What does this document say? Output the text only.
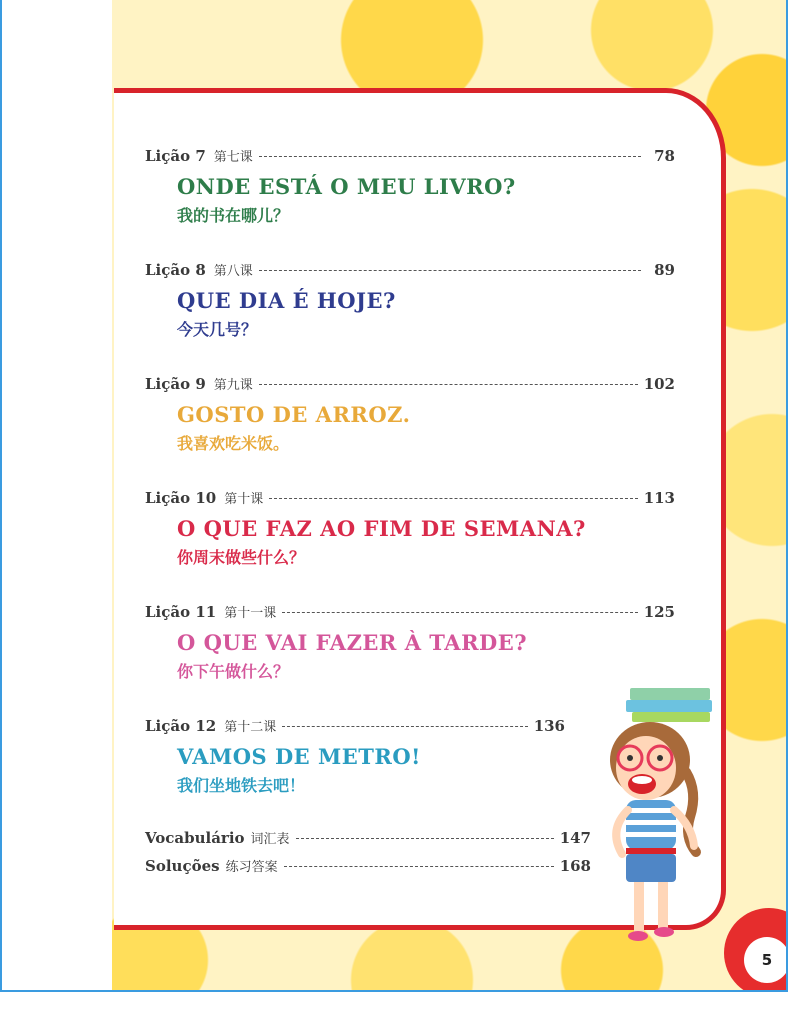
5
Lição 7 第七课	78
ONDE ESTÁ O MEU LIVRO?
我的书在哪儿？
Lição 8 第八课	89
QUE DIA É HOJE?
今天几号？
Lição 9 第九课	102
GOSTO DE ARROZ.
我喜欢吃米饭。
Lição 10 第十课	113
O QUE FAZ AO FIM DE SEMANA?
你周末做些什么？
Lição 11 第十一课	125
O QUE VAI FAZER À TARDE?
你下午做什么？
Lição 12 第十二课	136
VAMOS DE METRO!
我们坐地铁去吧！
Vocabulário 词汇表	147
Soluções 练习答案	168
